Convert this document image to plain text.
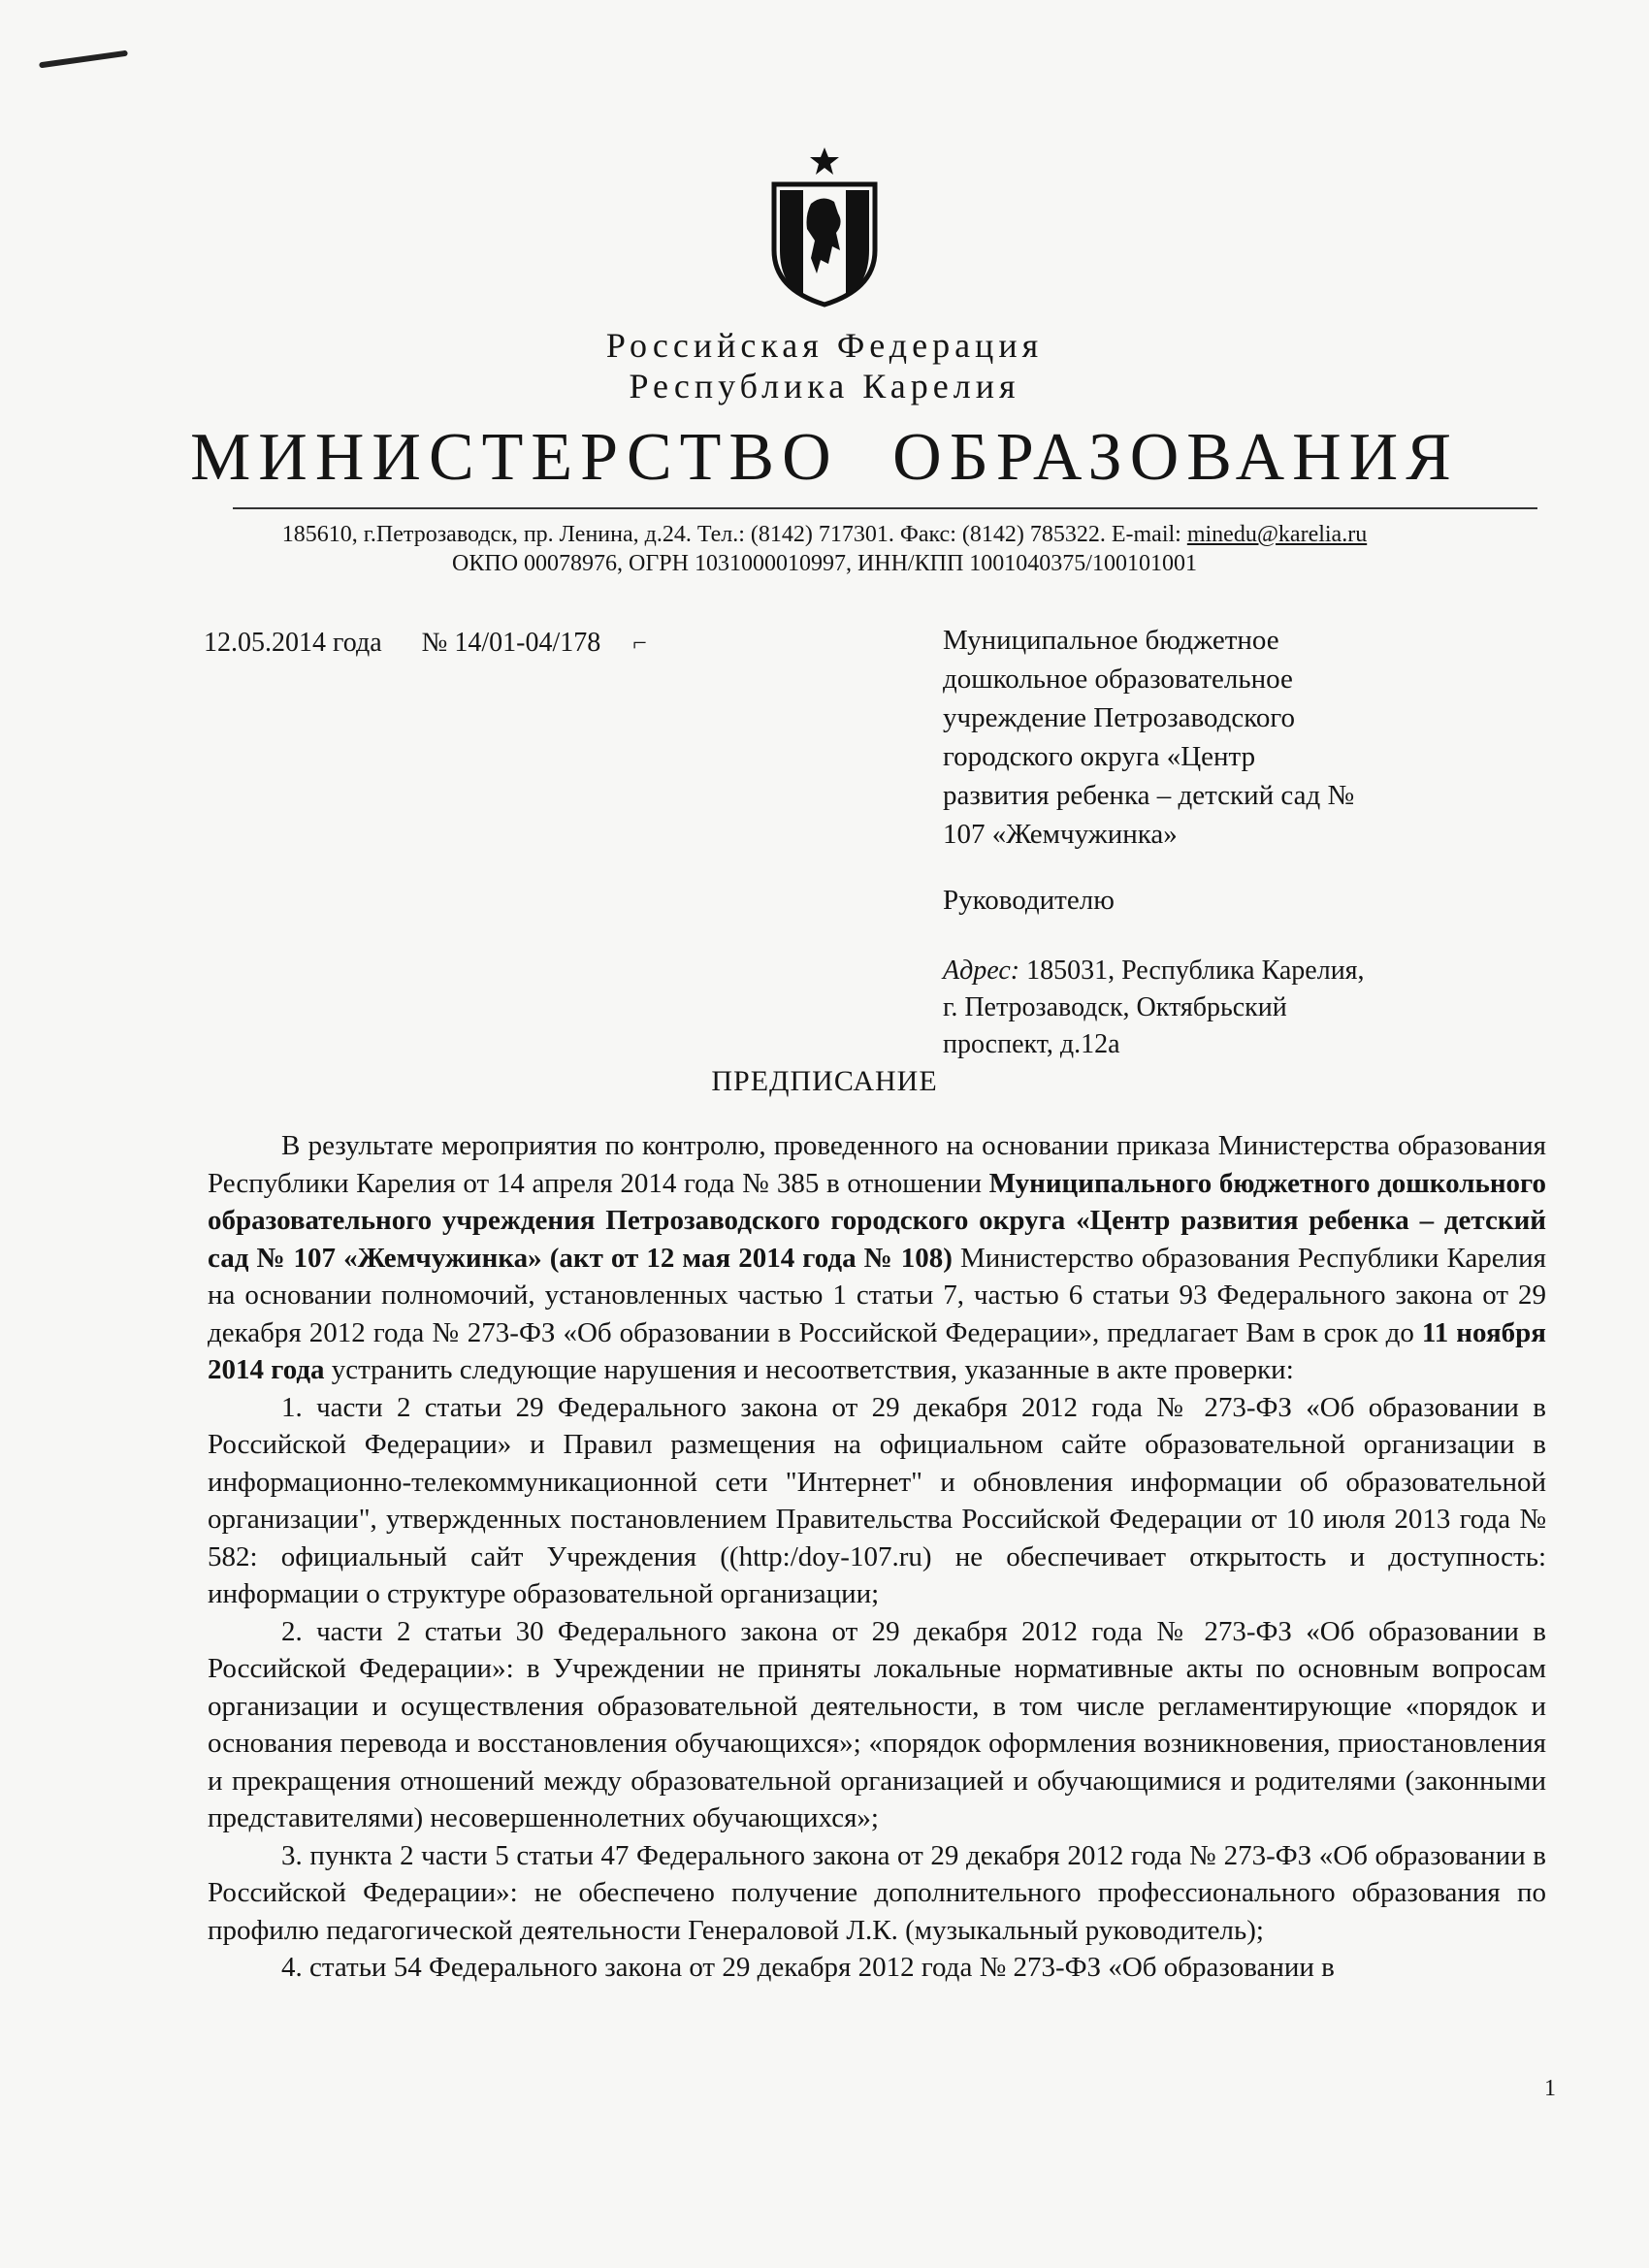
Российская Федерация
Республика Карелия
МИНИСТЕРСТВО ОБРАЗОВАНИЯ
185610, г.Петрозаводск, пр. Ленина, д.24. Тел.: (8142) 717301. Факс: (8142) 785322. E-mail: minedu@karelia.ru
ОКПО 00078976, ОГРН 1031000010997, ИНН/КПП 1001040375/100101001
12.05.2014 года № 14/01-04/178 ⌐	Муниципальное бюджетное
дошкольное образовательное
учреждение Петрозаводского
городского округа «Центр
развития ребенка – детский сад №
107 «Жемчужинка»
Руководителю
Адрес: 185031, Республика Карелия,
г. Петрозаводск, Октябрьский
проспект, д.12а
ПРЕДПИСАНИЕ

В результате мероприятия по контролю, проведенного на основании приказа Министерства образования Республики Карелия от 14 апреля 2014 года № 385 в отношении Муниципального бюджетного дошкольного образовательного учреждения Петрозаводского городского округа «Центр развития ребенка – детский сад № 107 «Жемчужинка» (акт от 12 мая 2014 года № 108) Министерство образования Республики Карелия на основании полномочий, установленных частью 1 статьи 7, частью 6 статьи 93 Федерального закона от 29 декабря 2012 года № 273-ФЗ «Об образовании в Российской Федерации», предлагает Вам в срок до 11 ноября 2014 года устранить следующие нарушения и несоответствия, указанные в акте проверки:

1. части 2 статьи 29 Федерального закона от 29 декабря 2012 года № 273-ФЗ «Об образовании в Российской Федерации» и Правил размещения на официальном сайте образовательной организации в информационно-телекоммуникационной сети "Интернет" и обновления информации об образовательной организации", утвержденных постановлением Правительства Российской Федерации от 10 июля 2013 года № 582: официальный сайт Учреждения ((http:/doy-107.ru) не обеспечивает открытость и доступность: информации о структуре образовательной организации;

2. части 2 статьи 30 Федерального закона от 29 декабря 2012 года № 273-ФЗ «Об образовании в Российской Федерации»: в Учреждении не приняты локальные нормативные акты по основным вопросам организации и осуществления образовательной деятельности, в том числе регламентирующие «порядок и основания перевода и восстановления обучающихся»; «порядок оформления возникновения, приостановления и прекращения отношений между образовательной организацией и обучающимися и родителями (законными представителями) несовершеннолетних обучающихся»;

3. пункта 2 части 5 статьи 47 Федерального закона от 29 декабря 2012 года № 273-ФЗ «Об образовании в Российской Федерации»: не обеспечено получение дополнительного профессионального образования по профилю педагогической деятельности Генераловой Л.К. (музыкальный руководитель);

4. статьи 54 Федерального закона от 29 декабря 2012 года № 273-ФЗ «Об образовании в

1
